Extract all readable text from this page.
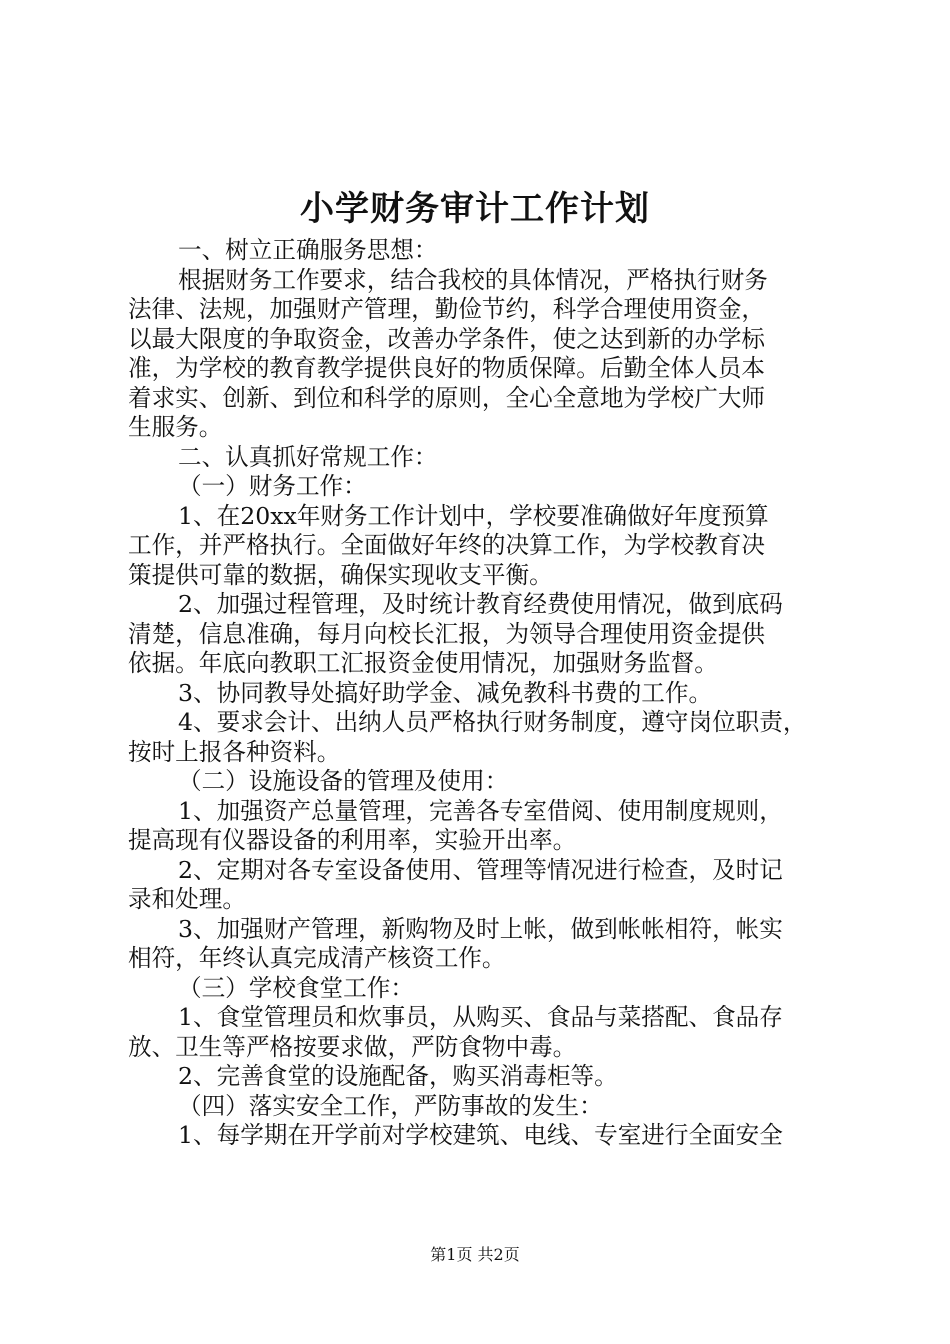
小学财务审计工作计划
一、树立正确服务思想：
根据财务工作要求，结合我校的具体情况，严格执行财务
法律、法规，加强财产管理，勤俭节约，科学合理使用资金，
以最大限度的争取资金，改善办学条件，使之达到新的办学标
准，为学校的教育教学提供良好的物质保障。后勤全体人员本
着求实、创新、到位和科学的原则，全心全意地为学校广大师
生服务。
二、认真抓好常规工作：
（一）财务工作：
1、在20xx年财务工作计划中，学校要准确做好年度预算
工作，并严格执行。全面做好年终的决算工作，为学校教育决
策提供可靠的数据，确保实现收支平衡。
2、加强过程管理，及时统计教育经费使用情况，做到底码
清楚，信息准确，每月向校长汇报，为领导合理使用资金提供
依据。年底向教职工汇报资金使用情况，加强财务监督。
3、协同教导处搞好助学金、减免教科书费的工作。
4、要求会计、出纳人员严格执行财务制度，遵守岗位职责，
按时上报各种资料。
（二）设施设备的管理及使用：
1、加强资产总量管理，完善各专室借阅、使用制度规则，
提高现有仪器设备的利用率，实验开出率。
2、定期对各专室设备使用、管理等情况进行检查，及时记
录和处理。
3、加强财产管理，新购物及时上帐，做到帐帐相符，帐实
相符，年终认真完成清产核资工作。
（三）学校食堂工作：
1、食堂管理员和炊事员，从购买、食品与菜搭配、食品存
放、卫生等严格按要求做，严防食物中毒。
2、完善食堂的设施配备，购买消毒柜等。
（四）落实安全工作，严防事故的发生：
1、每学期在开学前对学校建筑、电线、专室进行全面安全
第1页 共2页
